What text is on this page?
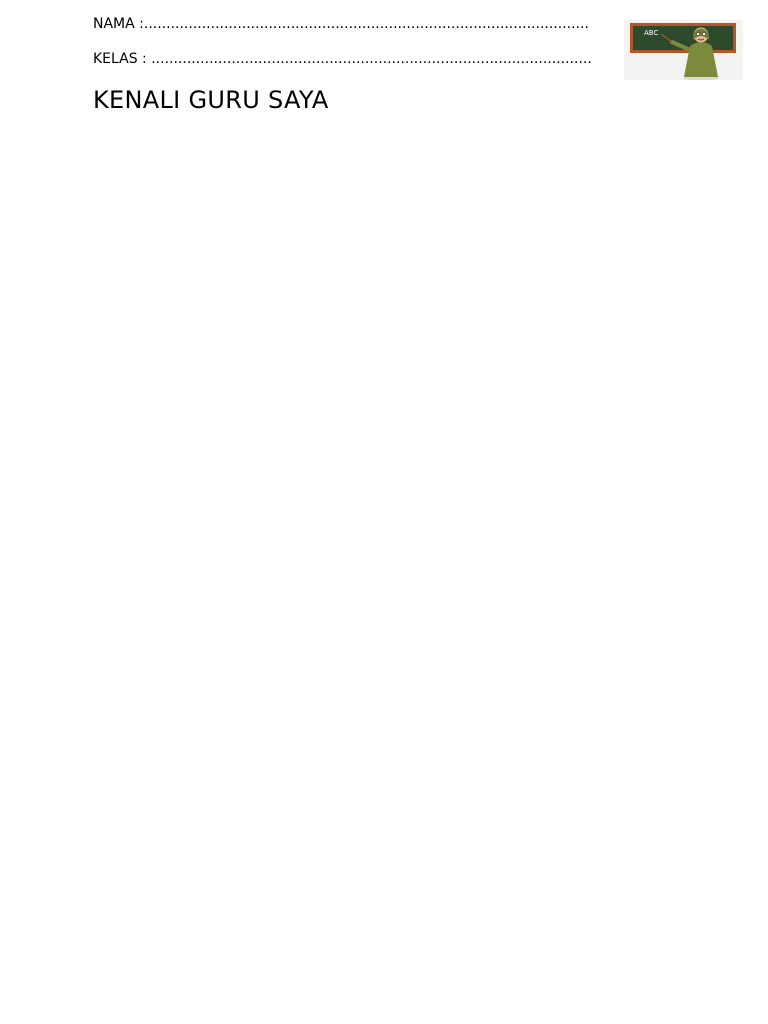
NAMA :....................................................................................................
KELAS : ...................................................................................................
ABC
KENALI GURU SAYA
